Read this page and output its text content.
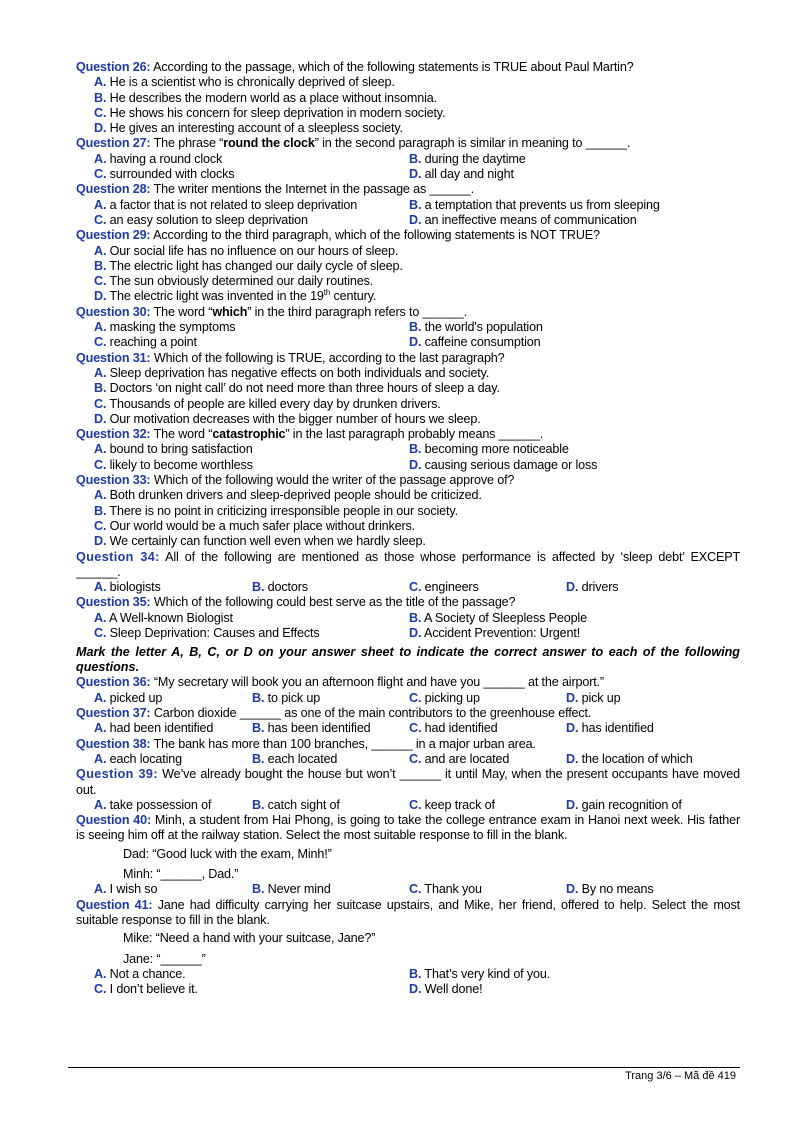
Question 26: According to the passage, which of the following statements is TRUE about Paul Martin?
A. He is a scientist who is chronically deprived of sleep.
B. He describes the modern world as a place without insomnia.
C. He shows his concern for sleep deprivation in modern society.
D. He gives an interesting account of a sleepless society.
Question 27: The phrase “round the clock” in the second paragraph is similar in meaning to ______.
A. having a round clock	B. during the daytime
C. surrounded with clocks	D. all day and night
Question 28: The writer mentions the Internet in the passage as ______.
A. a factor that is not related to sleep deprivation	B. a temptation that prevents us from sleeping
C. an easy solution to sleep deprivation	D. an ineffective means of communication
Question 29: According to the third paragraph, which of the following statements is NOT TRUE?
A. Our social life has no influence on our hours of sleep.
B. The electric light has changed our daily cycle of sleep.
C. The sun obviously determined our daily routines.
D. The electric light was invented in the 19th century.
Question 30: The word “which” in the third paragraph refers to ______.
A. masking the symptoms	B. the world's population
C. reaching a point	D. caffeine consumption
Question 31: Which of the following is TRUE, according to the last paragraph?
A. Sleep deprivation has negative effects on both individuals and society.
B. Doctors ‘on night call’ do not need more than three hours of sleep a day.
C. Thousands of people are killed every day by drunken drivers.
D. Our motivation decreases with the bigger number of hours we sleep.
Question 32: The word “catastrophic” in the last paragraph probably means ______.
A. bound to bring satisfaction	B. becoming more noticeable
C. likely to become worthless	D. causing serious damage or loss
Question 33: Which of the following would the writer of the passage approve of?
A. Both drunken drivers and sleep-deprived people should be criticized.
B. There is no point in criticizing irresponsible people in our society.
C. Our world would be a much safer place without drinkers.
D. We certainly can function well even when we hardly sleep.
Question 34: All of the following are mentioned as those whose performance is affected by ‘sleep debt’ EXCEPT ______.
A. biologists	B. doctors	C. engineers	D. drivers
Question 35: Which of the following could best serve as the title of the passage?
A. A Well-known Biologist	B. A Society of Sleepless People
C. Sleep Deprivation: Causes and Effects	D. Accident Prevention: Urgent!
Mark the letter A, B, C, or D on your answer sheet to indicate the correct answer to each of the following questions.
Question 36: “My secretary will book you an afternoon flight and have you ______ at the airport.”
A. picked up	B. to pick up	C. picking up	D. pick up
Question 37: Carbon dioxide ______ as one of the main contributors to the greenhouse effect.
A. had been identified	B. has been identified	C. had identified	D. has identified
Question 38: The bank has more than 100 branches, ______ in a major urban area.
A. each locating	B. each located	C. and are located	D. the location of which
Question 39: We’ve already bought the house but won’t ______ it until May, when the present occupants have moved out.
A. take possession of	B. catch sight of	C. keep track of	D. gain recognition of
Question 40: Minh, a student from Hai Phong, is going to take the college entrance exam in Hanoi next week. His father is seeing him off at the railway station. Select the most suitable response to fill in the blank.
Dad: “Good luck with the exam, Minh!”
Minh: “______, Dad.”
A. I wish so	B. Never mind	C. Thank you	D. By no means
Question 41: Jane had difficulty carrying her suitcase upstairs, and Mike, her friend, offered to help. Select the most suitable response to fill in the blank.
Mike: “Need a hand with your suitcase, Jane?”
Jane: “______”
A. Not a chance.	B. That’s very kind of you.
C. I don’t believe it.	D. Well done!
Trang 3/6 – Mã đề 419
